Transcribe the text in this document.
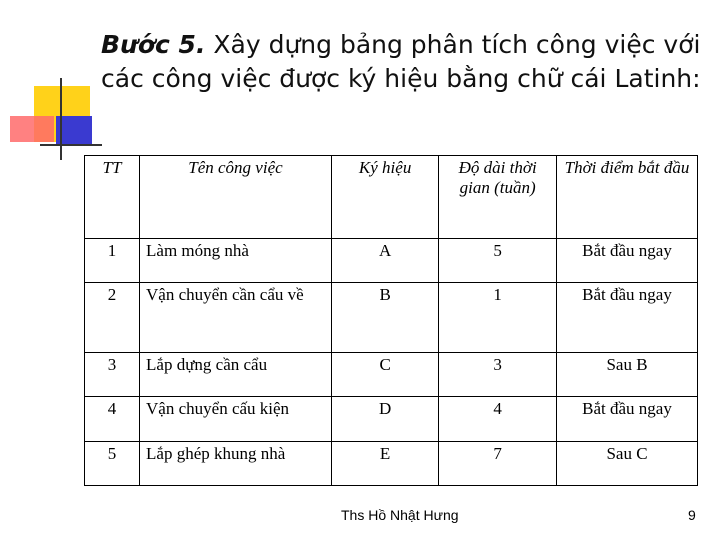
Bước 5. Xây dựng bảng phân tích công việc với các công việc được ký hiệu bằng chữ cái Latinh:
TT	Tên công việc	Ký hiệu	Độ dài thời gian (tuần)	Thời điểm bắt đầu
1	Làm móng nhà	A	5	Bắt đầu ngay
2	Vận chuyển cần cẩu về	B	1	Bắt đầu ngay
3	Lắp dựng cần cẩu	C	3	Sau B
4	Vận chuyển cấu kiện	D	4	Bắt đầu ngay
5	Lắp ghép khung nhà	E	7	Sau C
Ths Hồ Nhật Hưng	9
